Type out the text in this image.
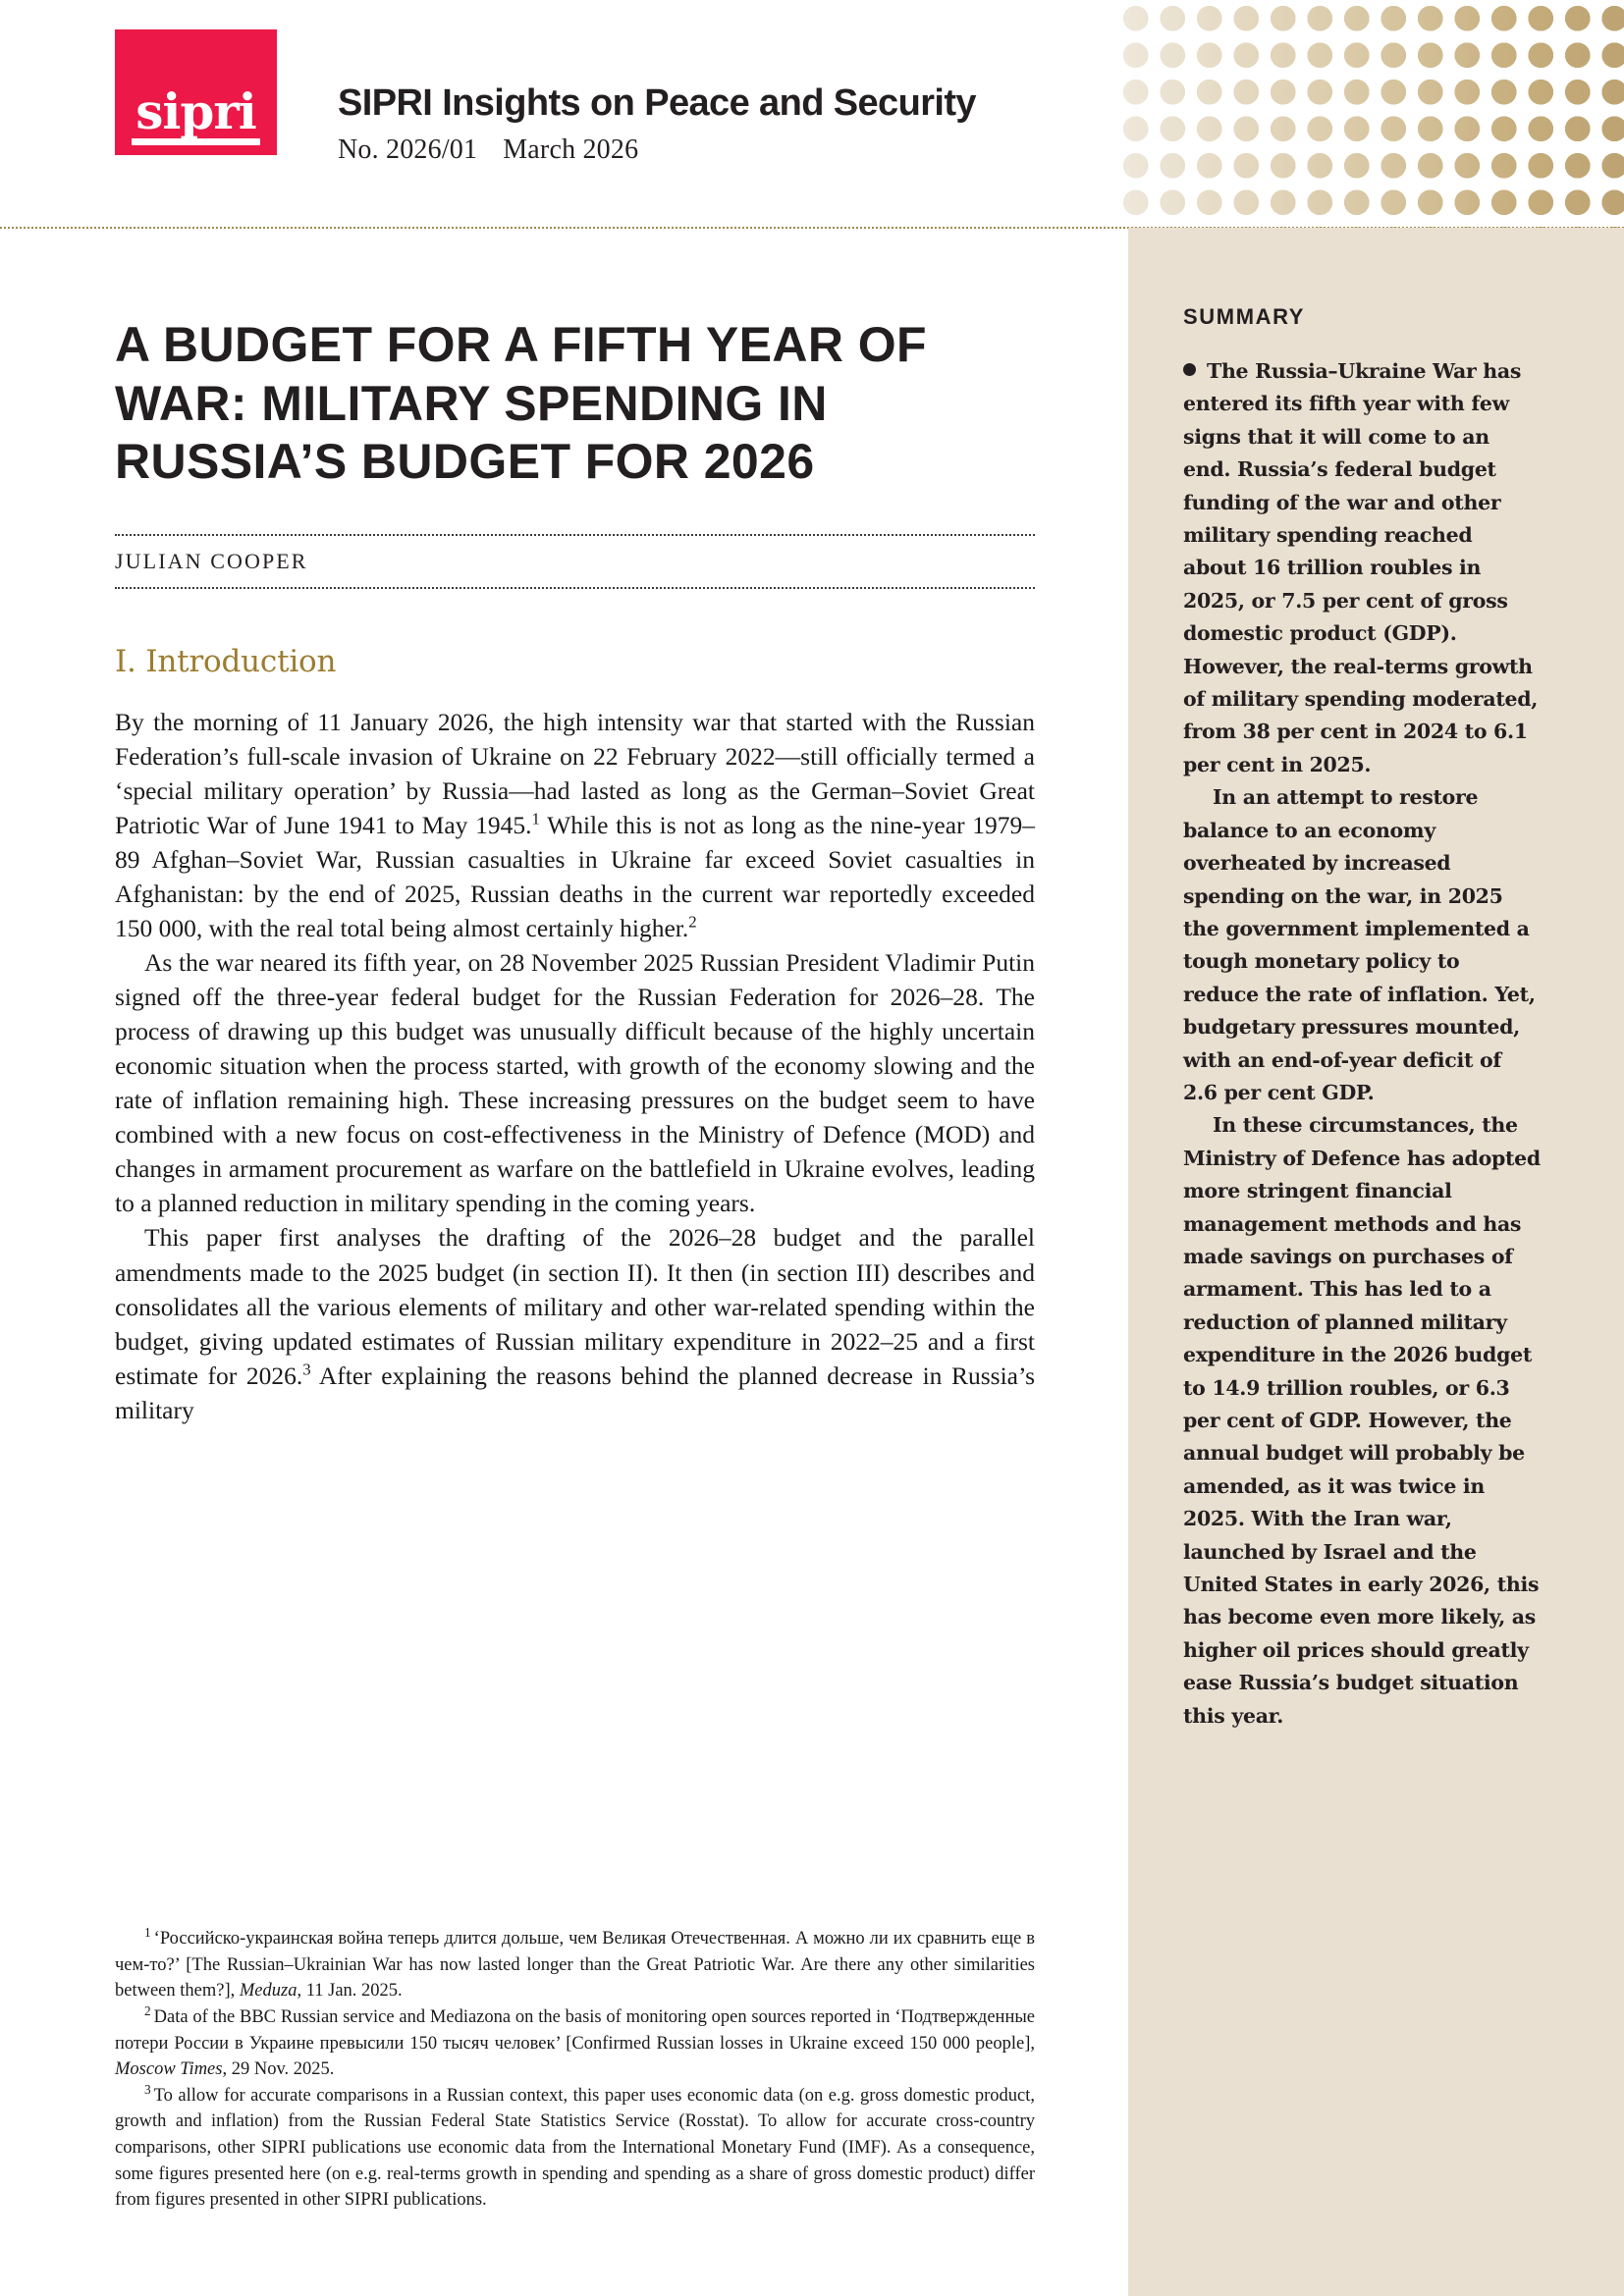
sipri SIPRI Insights on Peace and Security
No. 2026/01 March 2026
SUMMARY

The Russia–Ukraine War has entered its fifth year with few signs that it will come to an end. Russia’s federal budget funding of the war and other military spending reached about 16 trillion roubles in 2025, or 7.5 per cent of gross domestic product (GDP). However, the real-terms growth of military spending moderated, from 38 per cent in 2024 to 6.1 per cent in 2025.

In an attempt to restore balance to an economy overheated by increased spending on the war, in 2025 the government implemented a tough monetary policy to reduce the rate of inflation. Yet, budgetary pressures mounted, with an end-of-year deficit of 2.6 per cent GDP.

In these circumstances, the Ministry of Defence has adopted more stringent financial management methods and has made savings on purchases of armament. This has led to a reduction of planned military expenditure in the 2026 budget to 14.9 trillion roubles, or 6.3 per cent of GDP. However, the annual budget will probably be amended, as it was twice in 2025. With the Iran war, launched by Israel and the United States in early 2026, this has become even more likely, as higher oil prices should greatly ease Russia’s budget situation this year.

A BUDGET FOR A FIFTH YEAR OF WAR: MILITARY SPENDING IN RUSSIA’S BUDGET FOR 2026
JULIAN COOPER
I. Introduction

By the morning of 11 January 2026, the high intensity war that started with the Russian Federation’s full-scale invasion of Ukraine on 22 February 2022—still officially termed a ‘special military operation’ by Russia—had lasted as long as the German–Soviet Great Patriotic War of June 1941 to May 1945.$^1$ While this is not as long as the nine-year 1979–89 Afghan–Soviet War, Russian casualties in Ukraine far exceed Soviet casualties in Afghanistan: by the end of 2025, Russian deaths in the current war reportedly exceeded 150 000, with the real total being almost certainly higher.$^2$

As the war neared its fifth year, on 28 November 2025 Russian President Vladimir Putin signed off the three-year federal budget for the Russian Federation for 2026–28. The process of drawing up this budget was unusually difficult because of the highly uncertain economic situation when the process started, with growth of the economy slowing and the rate of inflation remaining high. These increasing pressures on the budget seem to have combined with a new focus on cost-effectiveness in the Ministry of Defence (MOD) and changes in armament procurement as warfare on the battlefield in Ukraine evolves, leading to a planned reduction in military spending in the coming years.

This paper first analyses the drafting of the 2026–28 budget and the parallel amendments made to the 2025 budget (in section II). It then (in section III) describes and consolidates all the various elements of military and other war-related spending within the budget, giving updated estimates of Russian military expenditure in 2022–25 and a first estimate for 2026.$^3$ After explaining the reasons behind the planned decrease in Russia’s military

$^1$ ‘Российско-украинская война теперь длится дольше, чем Великая Отечественная. А можно ли их сравнить еще в чем-то?’ [The Russian–Ukrainian War has now lasted longer than the Great Patriotic War. Are there any other similarities between them?], Meduza, 11 Jan. 2025.

$^2$ Data of the BBC Russian service and Mediazona on the basis of monitoring open sources reported in ‘Подтвержденные потери России в Украине превысили 150 тысяч человек’ [Confirmed Russian losses in Ukraine exceed 150 000 people], Moscow Times, 29 Nov. 2025.

$^3$ To allow for accurate comparisons in a Russian context, this paper uses economic data (on e.g. gross domestic product, growth and inflation) from the Russian Federal State Statistics Service (Rosstat). To allow for accurate cross-country comparisons, other SIPRI publications use economic data from the International Monetary Fund (IMF). As a consequence, some figures presented here (on e.g. real-terms growth in spending and spending as a share of gross domestic product) differ from figures presented in other SIPRI publications.
